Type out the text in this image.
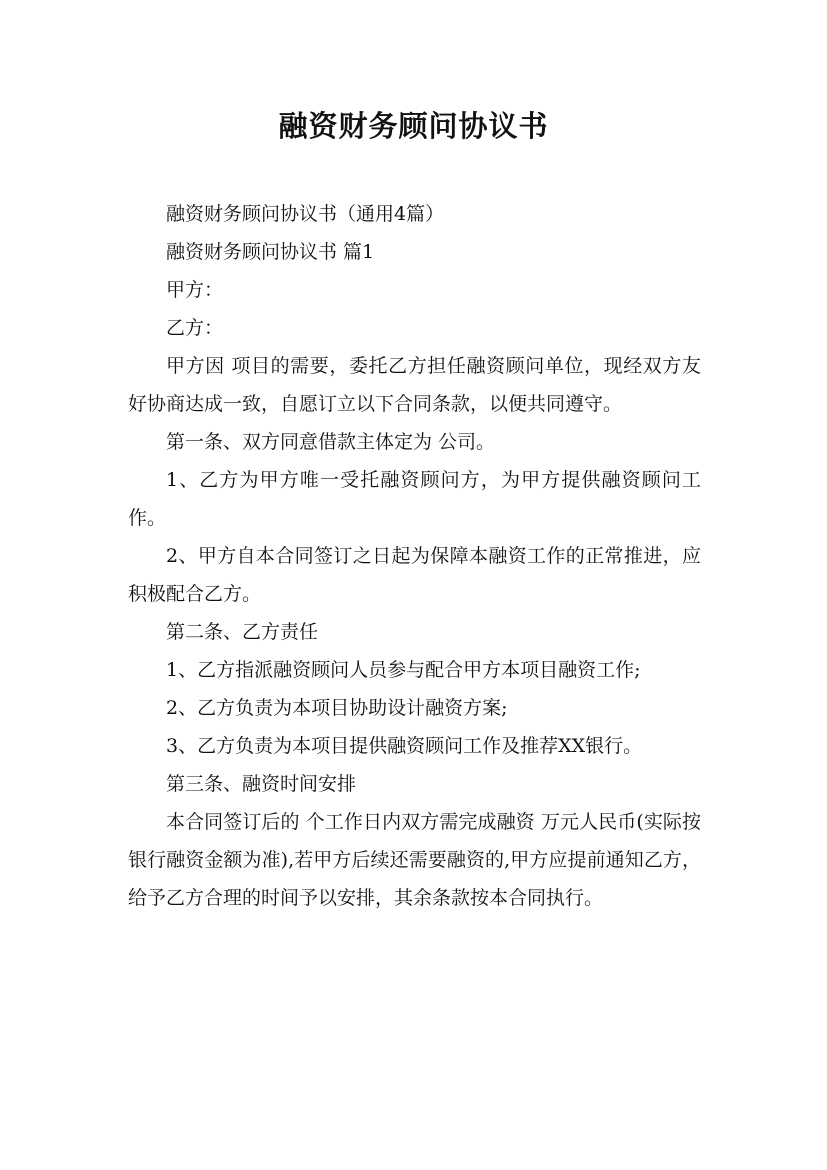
融资财务顾问协议书

融资财务顾问协议书（通用4篇）

融资财务顾问协议书 篇1

甲方：

乙方：

甲方因 项目的需要，委托乙方担任融资顾问单位，现经双方友好协商达成一致，自愿订立以下合同条款，以便共同遵守。

第一条、双方同意借款主体定为 公司。

1、乙方为甲方唯一受托融资顾问方，为甲方提供融资顾问工作。

2、甲方自本合同签订之日起为保障本融资工作的正常推进，应积极配合乙方。

第二条、乙方责任

1、乙方指派融资顾问人员参与配合甲方本项目融资工作;

2、乙方负责为本项目协助设计融资方案;

3、乙方负责为本项目提供融资顾问工作及推荐XX银行。

第三条、融资时间安排

本合同签订后的 个工作日内双方需完成融资 万元人民币(实际按银行融资金额为准),若甲方后续还需要融资的,甲方应提前通知乙方，给予乙方合理的时间予以安排，其余条款按本合同执行。
